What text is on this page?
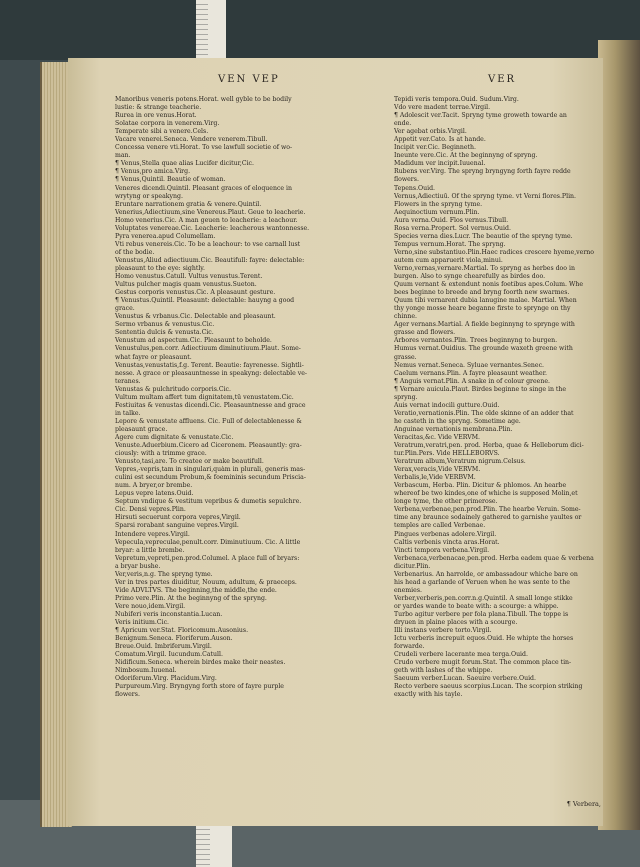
VEN VEP	VER
Manoribus veneris potens.Horat. well gyble to be bodily
lustie: & strange teacherie.
Rurea in ore venus.Horat.
Solatae corpora in venerem.Virg.
Temperate sibi a venere.Cels.
Vacare venerei.Seneca. Vendere venerem.Tibull.
Concessa venere vti.Horat. To vse lawfull societie of wo-
man.
¶ Venus,Stella quae alias Lucifer dicitur,Cic.
¶ Venus,pro amica.Virg.
¶ Venus,Quintil. Beautie of woman.
Veneres dicendi.Quintil. Pleasant graces of eloquence in
wrytyng or speakyng.
Eruntare narrationem gratia & venere.Quintil.
Venerius,Adiectiuum,sine Venereus.Plaut. Geue to leacherie.
Homo venerius.Cic. A man geuen to leacherie: a leachour.
Voluptates venereae.Cic. Leacherie: leacherous wantonnesse.
Pyra venerea.apud Columellam.
Vti rebus venereis.Cic. To be a leachour: to vse carnall lust
of the bodie.
Venustus,Aliud adiectiuum.Cic. Beautifull: fayre: delectable:
pleasaunt to the eye: sightly.
Homo venustus.Catull. Vultus venustus.Terent.
Vultus pulcher magis quam venustus.Sueton.
Gestus corporis venustus.Cic. A pleasaunt gesture.
¶ Venustus.Quintil. Pleasaunt: delectable: hauyng a good
grace.
Venustus & vrbanus.Cic. Delectable and pleasaunt.
Sermo vrbanus & venustus.Cic.
Sententia dulcis & venusta.Cic.
Venustum ad aspectum.Cic. Pleasaunt to beholde.
Venustulus,pen.corr. Adiectiuum diminutiuum.Plaut. Some-
what fayre or pleasaunt.
Venustas,venustatis,f.g. Terent. Beautie: fayrenesse. Sightli-
nesse. A grace or pleasauntnesse in speakyng: delectable ve-
teranes.
Venustas & pulchritudo corporis.Cic.
Vultum multam affert tum dignitatem,tū venustatem.Cic.
Festiuitas & venustas dicendi.Cic. Pleasauntnesse and grace
in talke.
Lepore & venustate affluens. Cic. Full of delectablenesse &
pleasaunt grace.
Agere cum dignitate & venustate.Cic.
Venuste.Aduerbium.Cicero ad Ciceronem. Pleasauntly: gra-
ciously: with a trimme grace.
Venusto,tasi,are. To createe or make beautifull.
Vepres,-vepris,tam in singulari,quàm in plurali, generis mas-
culini est secundum Probum,& foemininis secundum Priscia-
num. A bryer,or brembe.
Lepus vepre latens.Ouid.
Septum vndique & vestitum vepribus & dumetis sepulchre.
Cic. Densi vepres.Plin.
Hirsuti secuerunt corpora vepres,Virgil.
Sparsi rorabant sanguine vepres.Virgil.
Intendere vepres.Virgil.
Vepecula,vepreculae,penult.corr. Diminutiuum. Cic. A little
bryar: a little brembe.
Vepretum,vepreti,pen.prod.Columel. A place full of bryars:
a bryar bushe.
Ver,veris,n.g. The spryng tyme.
Ver in tres partes diuiditur, Nouum, adultum, & praeceps.
Vide ADVLTVS. The beginning,the middle,the ende.
Primo vere.Plin. At the beginnyng of the spryng.
Vere nouo,idem.Virgil.
Nubiferi veris inconstantia.Lucan.
Veris initium.Cic.
¶ Apricum ver.Stat. Floricomum.Ausonius.
Benignum.Seneca. Floriferum.Auson.
Breue.Ouid. Imbriferum.Virgil.
Comatum.Virgil. Iucundum.Catull.
Nidificum.Seneca. wherein birdes make their neastes.
Nimbosum.Iuuenal.
Odoriferum.Virg. Placidum.Virg.
Purpureum.Virg. Bryngyng forth store of fayre purple
flowers.
Tepidi veris tempora.Ouid. Sudum.Virg.
Vdo vere madent terrae.Virgil.
¶ Adolescit ver.Tacit. Spryng tyme groweth towarde an
ende.
Ver agebat orbis.Virgil.
Appetit ver.Cato. Is at hande.
Incipit ver.Cic. Beginneth.
Ineunte vere.Cic. At the beginnyng of spryng.
Madidum ver incipit.Iuuenal.
Rubens ver.Virg. The spryng bryngyng forth fayre redde
flowers.
Tepens.Ouid.
Vernus,Adiectiuū. Of the spryng tyme. vt Verni flores.Plin.
Flowers in the spryng tyme.
Aequinoctium vernum.Plin.
Aura verna.Ouid. Flos vernus.Tibull.
Rosa verna.Propert. Sol vernus.Ouid.
Species verna dies.Lucr. The beautie of the spryng tyme.
Tempus vernum.Horat. The spryng.
Verno,sine substantiuo.Plin.Haec radices crescere hyeme,verno
autem cum apparuerit viola,minui.
Verno,vernas,vernare.Martial. To spryng as herbes doo in
burgen. Also to synge chearefully as birdes doo.
Quum vernant & extendunt nonis foetibus apes.Colum. Whe
bees beginne to breede and bryng foorth new swarmes.
Quum tibi vernarent dubia lanugine malae. Martial. When
thy yonge mosse heare beganne firste to sprynge on thy
chinne.
Ager vernans.Martial. A fielde beginnyng to sprynge with
grasse and flowers.
Arbores vernantes.Plin. Trees beginnyng to burgen.
Humus vernat.Ouidius. The grounde waxeth greene with
grasse.
Nemus vernat.Seneca. Syluae vernantes.Senec.
Caelum vernans.Plin. A fayre pleasaunt weather.
¶ Anguis vernat.Plin. A snake in of colour greene.
¶ Vernare auicula.Plaut. Birdes beginne to singe in the
spryng.
Auis vernat indocili gutture.Ouid.
Veratio,vernationis.Plin. The olde skinne of an adder that
he casteth in the spryng. Sometime age.
Anguinae vernationis membrana.Plin.
Veracitas,&c. Vide VERVM.
Veratrum,veratri,pen. prod. Herba, quae & Helleborum dici-
tur.Plin.Pers. Vide HELLEBORVS.
Veratrum album,Veratrum nigrum.Celsus.
Verax,veracis,Vide VERVM.
Verbalis,le,Vide VERBVM.
Verbascum, Herba. Plin. Dicitur & phlomos. An hearbe
whereof be two kindes,one of whiche is supposed Molin,et
longe tyme, the other primerose.
Verbena,verbenae,pen.prod.Plin. The hearbe Veruin. Some-
time any braunce sodainely gathered to garnishe yaultes or
temples are called Verbenae.
Pingues verbenas adolere.Virgil.
Caltis verbenis vincta aras.Horat.
Vincti tempora verbena.Virgil.
Verbenaca,verbenacae,pen.prod. Herba eadem quae & verbena
dicitur.Plin.
Verbenarius. An harrolde, or ambassadour whiche bare on
his head a garlande of Veruen when he was sente to the
enemies.
Verber,verberis,pen.corr.n.g.Quintil. A small longe stikke
or yardes wande to beate with: a scourge: a whippe.
Turbo agitur verbere per fola plana.Tibull. The toppe is
dryuen in plaine places with a scourge.
Illi instans verbere torto.Virgil.
Ictu verberis increpuit equos.Ouid. He whipte the horses
forwarde.
Crudeli verbere lacerante mea terga.Ouid.
Crudo verbere mugit forum.Stat. The common place tin-
geth with lashes of the whippe.
Saeuum verber.Lucan. Saeuire verbere.Ouid.
Recto verbere saeuus scorpius.Lucan. The scorpion striking
exactly with his tayle.
¶ Verbera,
